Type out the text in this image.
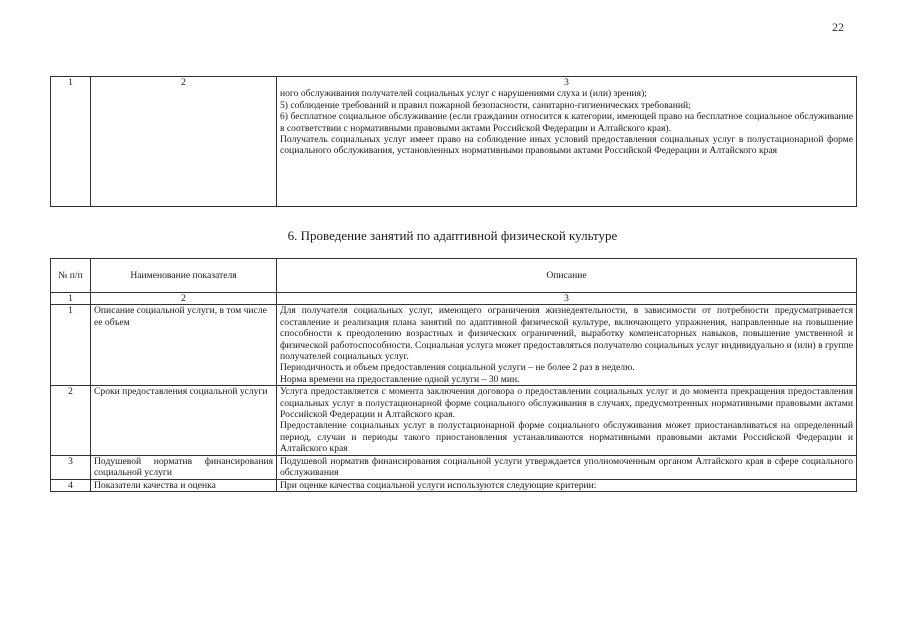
22
1	2	3

ного обслуживания получателей социальных услуг с нарушениями слуха и (или) зрения);

5) соблюдение требований и правил пожарной безопасности, санитарно-гигиенических требований;

6) бесплатное социальное обслуживание (если гражданин относится к категории, имеющей право на бесплатное социальное обслуживание в соответствии с нормативными правовыми актами Российской Федерации и Алтайского края).

Получатель социальных услуг имеет право на соблюдение иных условий предоставления социальных услуг в полустационарной форме социального обслуживания, установленных нормативными правовыми актами Российской Федерации и Алтайского края

6. Проведение занятий по адаптивной физической культуре
№ п/п	Наименование показателя	Описание
1	2	3
1	Описание социальной услуги, в том числе ее объем	Для получателя социальных услуг, имеющего ограничения жизнедеятельности, в зависимости от потребности предусматривается составление и реализация плана занятий по адаптивной физической культуре, включающего упражнения, направленные на повышение способности к преодолению возрастных и физических ограничений, выработку компенсаторных навыков, повышение умственной и физической работоспособности. Социальная услуга может предоставляться получателю социальных услуг индивидуально и (или) в группе получателей социальных услуг.

Периодичность и объем предоставления социальной услуги – не более 2 раз в неделю.

Норма времени на предоставление одной услуги – 30 мин.

2	Сроки предоставления социальной услуги	Услуга предоставляется с момента заключения договора о предоставлении социальных услуг и до момента прекращения предоставления социальных услуг в полустационарной форме социального обслуживания в случаях, предусмотренных нормативными правовыми актами Российской Федерации и Алтайского края.

Предоставление социальных услуг в полустационарной форме социального обслуживания может приостанавливаться на определенный период, случаи и периоды такого приостановления устанавливаются нормативными правовыми актами Российской Федерации и Алтайского края

3	Подушевой норматив финансирования социальной услуги	Подушевой норматив финансирования социальной услуги утверждается уполномоченным органом Алтайского края в сфере социального обслуживания

4	Показатели качества и оценка	При оценке качества социальной услуги используются следующие критерии:
